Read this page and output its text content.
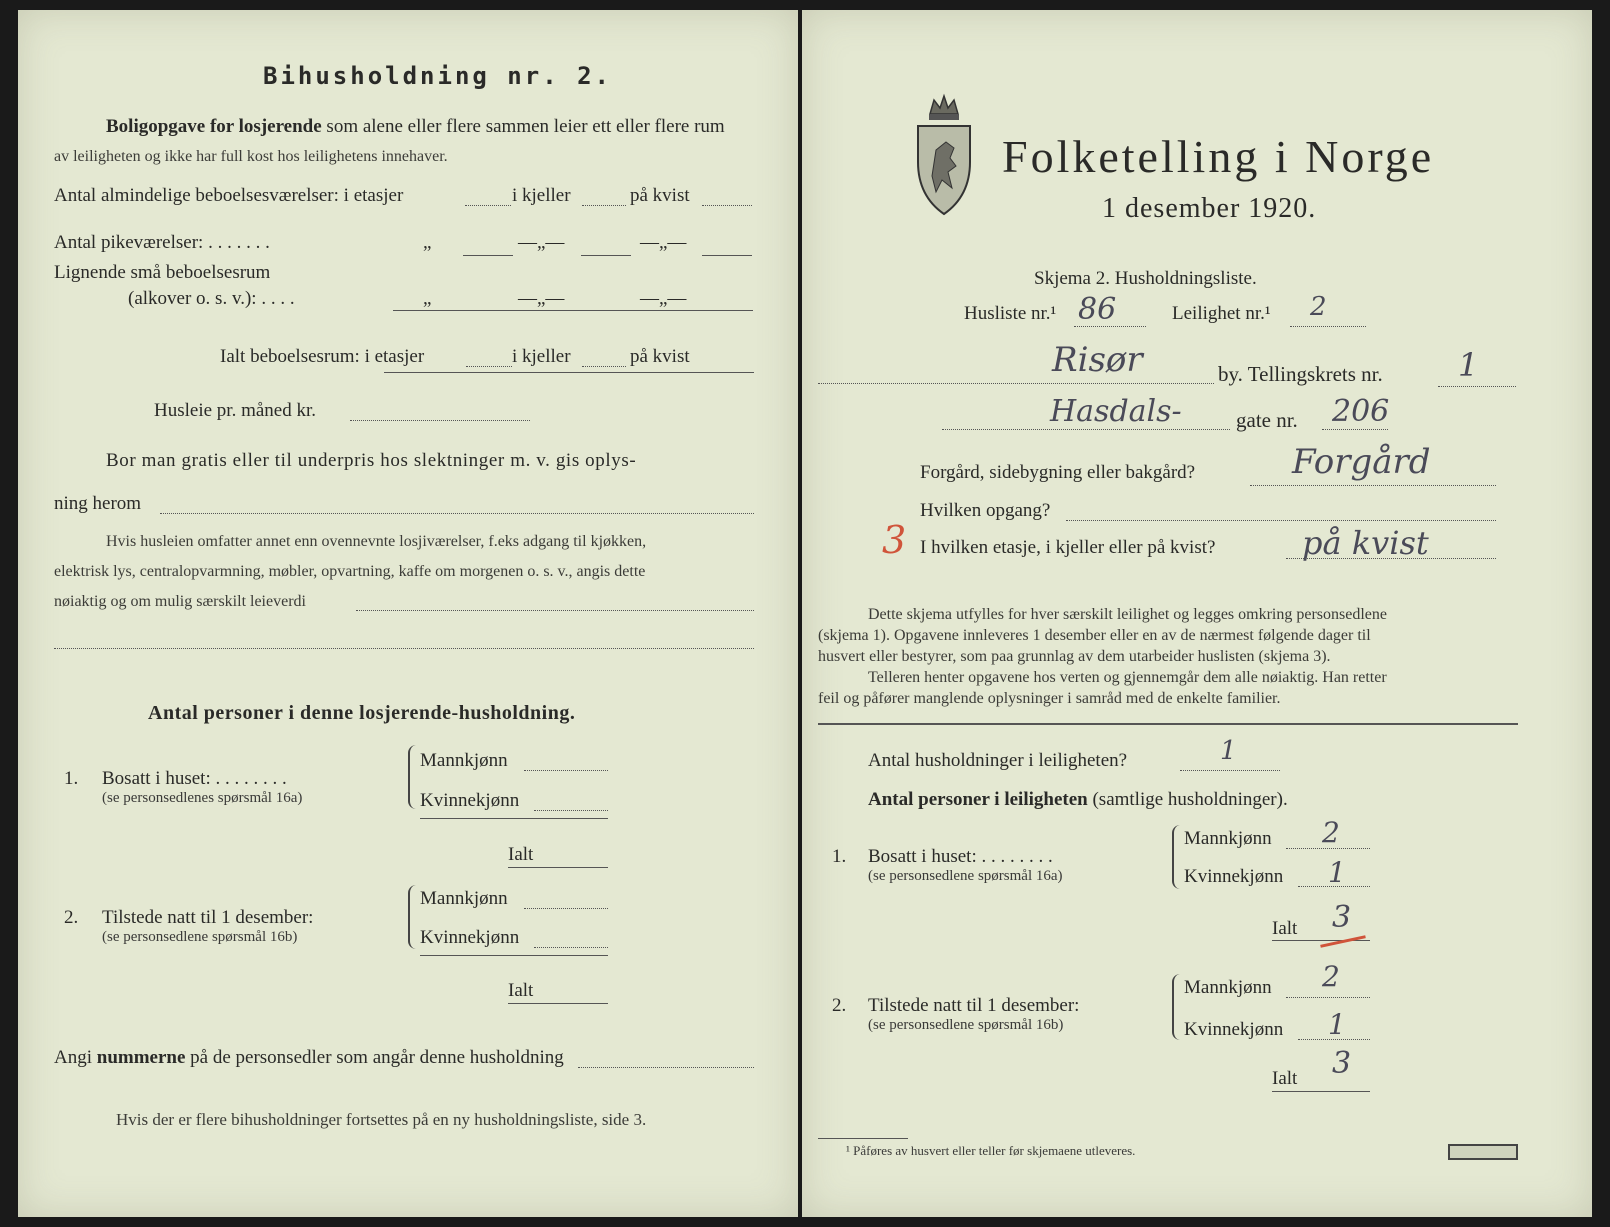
Bihusholdning nr. 2.
Boligopgave for losjerende som alene eller flere sammen leier ett eller flere rum
av leiligheten og ikke har full kost hos leilighetens innehaver.
Antal almindelige beboelsesværelser: i etasjer	i kjeller	på kvist
Antal pikeværelser: . . . . . . .	„	—„—	—„—
Lignende små beboelsesrum
(alkover o. s. v.): . . . .	„	—„—	—„—
Ialt beboelsesrum: i etasjer	i kjeller	på kvist
Husleie pr. måned kr.
Bor man gratis eller til underpris hos slektninger m. v. gis oplys-
ning herom
Hvis husleien omfatter annet enn ovennevnte losjiværelser, f.eks adgang til kjøkken,
elektrisk lys, centralopvarmning, møbler, opvartning, kaffe om morgenen o. s. v., angis dette
nøiaktig og om mulig særskilt leieverdi
Antal personer i denne losjerende-husholdning.
1. Bosatt i huset: . . . . . . . .
(se personsedlenes spørsmål 16a)
Mannkjønn
Kvinnekjønn
Ialt
2. Tilstede natt til 1 desember:
(se personsedlene spørsmål 16b)
Mannkjønn
Kvinnekjønn
Ialt
Angi nummerne på de personsedler som angår denne husholdning
Hvis der er flere bihusholdninger fortsettes på en ny husholdningsliste, side 3.
Folketelling i Norge
1 desember 1920.
Skjema 2. Husholdningsliste.
Husliste nr.¹ 86	Leilighet nr.¹ 2
Risør	by. Tellingskrets nr. 1
Hasdals-	gate nr. 206
Forgård, sidebygning eller bakgård?	Forgård
Hvilken opgang?
3 I hvilken etasje, i kjeller eller på kvist?	på kvist
Dette skjema utfylles for hver særskilt leilighet og legges omkring personsedlene
(skjema 1). Opgavene innleveres 1 desember eller en av de nærmest følgende dager til
husvert eller bestyrer, som paa grunnlag av dem utarbeider huslisten (skjema 3).
Telleren henter opgavene hos verten og gjennemgår dem alle nøiaktig. Han retter
feil og påfører manglende oplysninger i samråd med de enkelte familier.
Antal husholdninger i leiligheten?	1
Antal personer i leiligheten (samtlige husholdninger).
1. Bosatt i huset: . . . . . . . .
(se personsedlene spørsmål 16a)
Mannkjønn 2
Kvinnekjønn 1
Ialt 3
2. Tilstede natt til 1 desember:
(se personsedlene spørsmål 16b)
Mannkjønn 2
Kvinnekjønn 1
Ialt 3
¹ Påføres av husvert eller teller før skjemaene utleveres.
